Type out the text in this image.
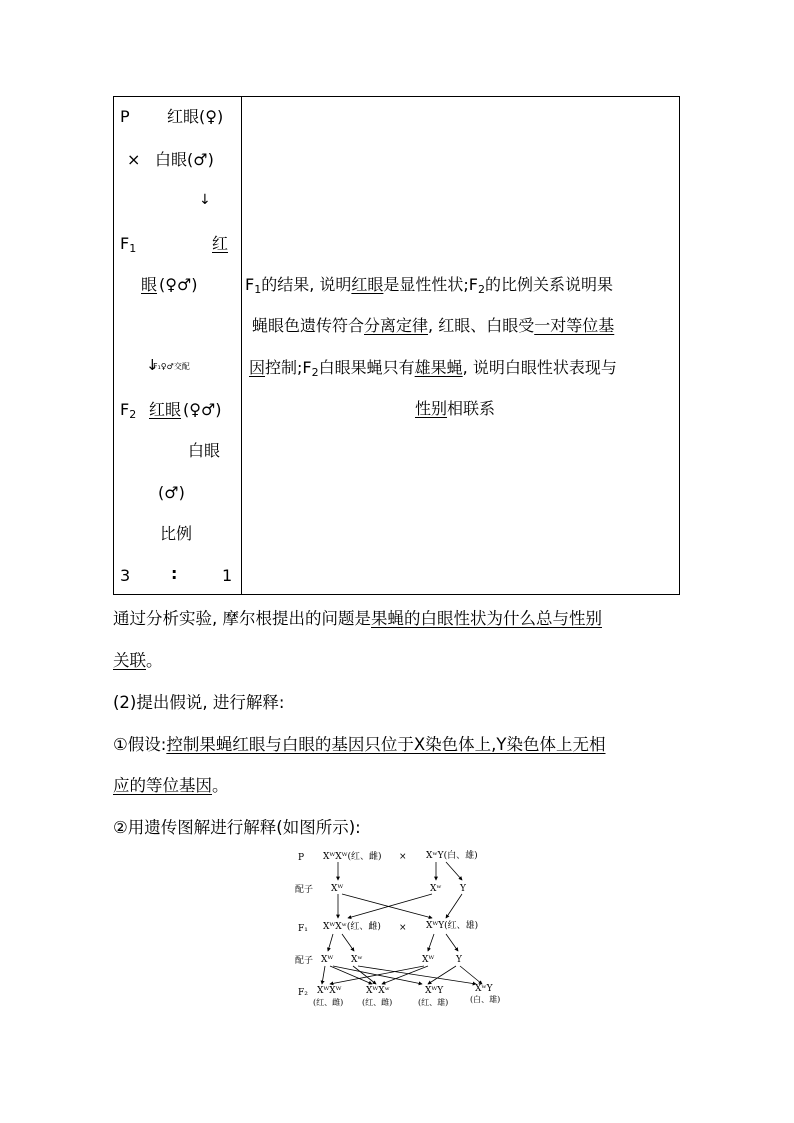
P 红眼(♀)
× 白眼(♂)
↓
$F_1$	红
眼 (♀♂)
↓
F₁♀♂交配
$F_2$ 红眼 (♀♂)
白眼
(♂)
比例
3	:	1
$F_1$的结果, 说明红眼是显性性状$;F_2$的比例关系说明果
蝇眼色遗传符合分离定律, 红眼、白眼受一对等位基
因控制$;F_2$白眼果蝇只有雄果蝇, 说明白眼性状表现与
性别相联系
通过分析实验, 摩尔根提出的问题是果蝇的白眼性状为什么总与性别
关联。
(2)提出假说, 进行解释:
①假设:控制果蝇红眼与白眼的基因只位于X染色体上,Y染色体上无相
应的等位基因。
②用遗传图解进行解释(如图所示):
P XᵂXᵂ(红、雌) × XʷY(白、雄)
配子 Xᵂ	Xʷ Y
F₁ XᵂXʷ(红、雌) × XᵂY(红、雄)
配子 Xᵂ Xʷ	Xᵂ Y
F₂ XᵂXᵂ
(红、雌)
XᵂXʷ
(红、雌)
XᵂY
(红、雄)
XʷY
(白、雄)
